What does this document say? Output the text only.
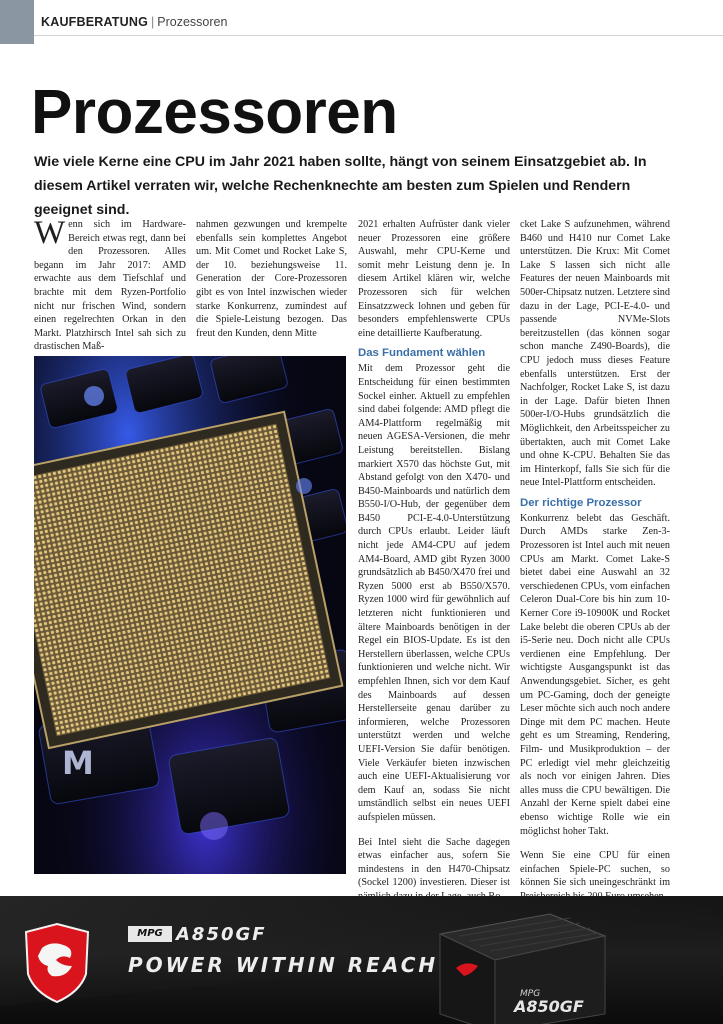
KAUFBERATUNG | Prozessoren
Prozessoren

Wie viele Kerne eine CPU im Jahr 2021 haben sollte, hängt von seinem Einsatzgebiet ab. In diesem Artikel verraten wir, welche Rechenknechte am besten zum Spielen und Rendern geeignet sind.

Wenn sich im Hardware-Bereich etwas regt, dann bei den Prozessoren. Alles begann im Jahr 2017: AMD erwachte aus dem Tiefschlaf und brachte mit dem Ryzen-Portfolio nicht nur frischen Wind, sondern einen regelrechten Orkan in den Markt. Platzhirsch Intel sah sich zu drastischen Maß-

nahmen gezwungen und krempelte ebenfalls sein komplettes Angebot um. Mit Comet und Rocket Lake S, der 10. beziehungsweise 11. Generation der Core-Prozessoren gibt es von Intel inzwischen wieder starke Konkurrenz, zumindest auf die Spiele-Leistung bezogen. Das freut den Kunden, denn Mitte

2021 erhalten Aufrüster dank vieler neuer Prozessoren eine größere Auswahl, mehr CPU-Kerne und somit mehr Leistung denn je. In diesem Artikel klären wir, welche Prozessoren sich für welchen Einsatzzweck lohnen und geben für besonders empfehlenswerte CPUs eine detaillierte Kaufberatung.

Das Fundament wählen

Mit dem Prozessor geht die Entscheidung für einen bestimmten Sockel einher. Aktuell zu empfehlen sind dabei folgende: AMD pflegt die AM4-Plattform regelmäßig mit neuen AGESA-Versionen, die mehr Leistung bereitstellen. Bislang markiert X570 das höchste Gut, mit Abstand gefolgt von den X470- und B450-Mainboards und natürlich dem B550-I/O-Hub, der gegenüber dem B450 PCI-E-4.0-Unterstützung durch CPUs erlaubt. Leider läuft nicht jede AM4-CPU auf jedem AM4-Board, AMD gibt Ryzen 3000 grundsätzlich ab B450/X470 frei und Ryzen 5000 erst ab B550/X570. Ryzen 1000 wird für gewöhnlich auf letzteren nicht funktionieren und ältere Mainboards benötigen in der Regel ein BIOS-Update. Es ist den Herstellern überlassen, welche CPUs funktionieren und welche nicht. Wir empfehlen Ihnen, sich vor dem Kauf des Mainboards auf dessen Herstellerseite genau darüber zu informieren, welche Prozessoren unterstützt werden und welche UEFI-Version Sie dafür benötigen. Viele Verkäufer bieten inzwischen auch eine UEFI-Aktualisierung vor dem Kauf an, sodass Sie nicht umständlich selbst ein neues UEFI aufspielen müssen.

Bei Intel sieht die Sache dagegen etwas einfacher aus, sofern Sie mindestens in den H470-Chipsatz (Sockel 1200) investieren. Dieser ist

cket Lake S aufzunehmen, während B460 und H410 nur Comet Lake unterstützen. Die Krux: Mit Comet Lake S lassen sich nicht alle Features der neuen Mainboards mit 500er-Chipsatz nutzen. Letztere sind dazu in der Lage, PCI-E-4.0- und passende NVMe-Slots bereitzustellen (das können sogar schon manche Z490-Boards), die CPU jedoch muss dieses Feature ebenfalls unterstützen. Erst der Nachfolger, Rocket Lake S, ist dazu in der Lage. Dafür bieten Ihnen 500er-I/O-Hubs grundsätzlich die Möglichkeit, den Arbeitsspeicher zu übertakten, auch mit Comet Lake und ohne K-CPU. Behalten Sie das im Hinterkopf, falls Sie sich für die neue Intel-Plattform entscheiden.

Der richtige Prozessor

Konkurrenz belebt das Geschäft. Durch AMDs starke Zen-3-Prozessoren ist Intel auch mit neuen CPUs am Markt. Comet Lake-S bietet dabei eine Auswahl an 32 verschiedenen CPUs, vom einfachen Celeron Dual-Core bis hin zum 10-Kerner Core i9-10900K und Rocket Lake belebt die oberen CPUs ab der i5-Serie neu. Doch nicht alle CPUs verdienen eine Empfehlung. Der wichtigste Ausgangspunkt ist das Anwendungsgebiet. Sicher, es geht um PC-Gaming, doch der geneigte Leser möchte sich auch noch andere Dinge mit dem PC machen. Heute geht es um Streaming, Rendering, Film- und Musikproduktion – der PC erledigt viel mehr gleichzeitig als noch vor einigen Jahren. Dies alles muss die CPU bewältigen. Die Anzahl der Kerne spielt dabei eine ebenso wichtige Rolle wie ein möglichst hoher Takt.

Wenn Sie eine CPU für einen einfachen Spiele-PC suchen, so können Sie sich uneingeschränkt im

M
MPG A850GF
POWER WITHIN REACH
MPG
A850GF
